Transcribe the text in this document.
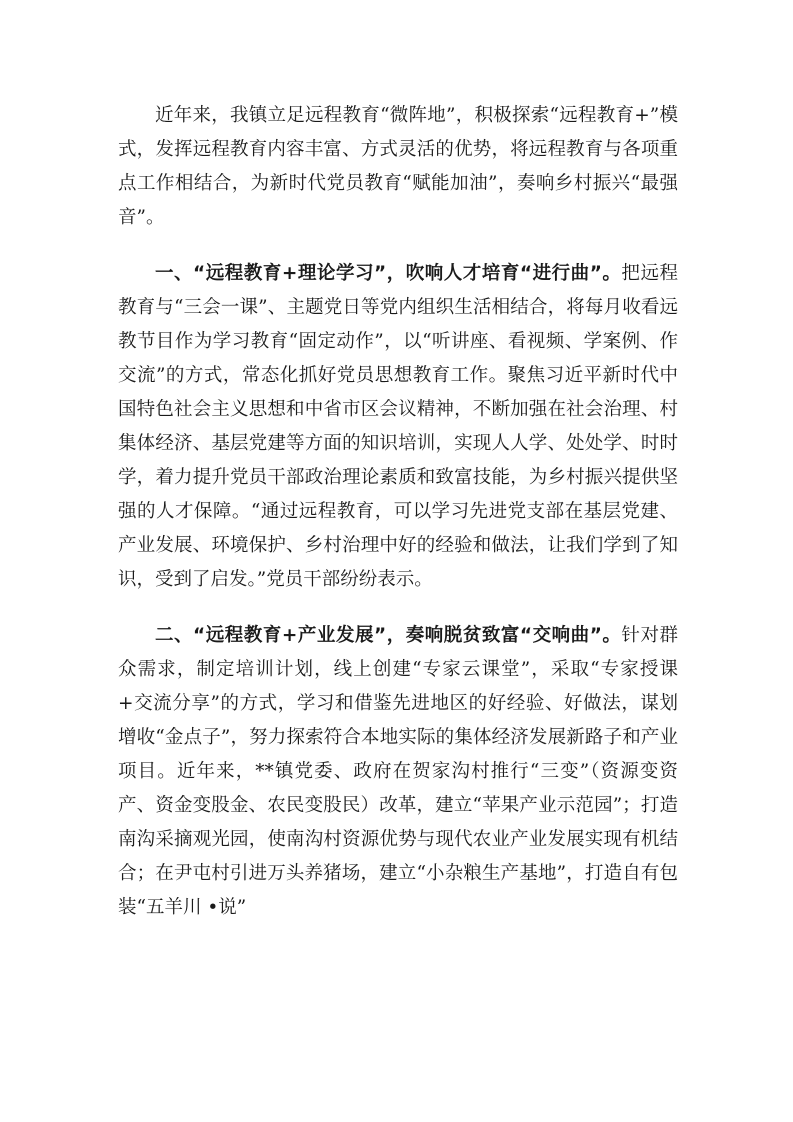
近年来，我镇立足远程教育“微阵地”，积极探索“远程教育+”模式，发挥远程教育内容丰富、方式灵活的优势，将远程教育与各项重点工作相结合，为新时代党员教育“赋能加油”，奏响乡村振兴“最强音”。

一、“远程教育+理论学习”，吹响人才培育“进行曲”。把远程教育与“三会一课”、主题党日等党内组织生活相结合，将每月收看远教节目作为学习教育“固定动作”，以“听讲座、看视频、学案例、作交流”的方式，常态化抓好党员思想教育工作。聚焦习近平新时代中国特色社会主义思想和中省市区会议精神，不断加强在社会治理、村集体经济、基层党建等方面的知识培训，实现人人学、处处学、时时学，着力提升党员干部政治理论素质和致富技能，为乡村振兴提供坚强的人才保障。“通过远程教育，可以学习先进党支部在基层党建、产业发展、环境保护、乡村治理中好的经验和做法，让我们学到了知识，受到了启发。”党员干部纷纷表示。

二、“远程教育+产业发展”，奏响脱贫致富“交响曲”。针对群众需求，制定培训计划，线上创建“专家云课堂”，采取“专家授课+交流分享”的方式，学习和借鉴先进地区的好经验、好做法，谋划增收“金点子”，努力探索符合本地实际的集体经济发展新路子和产业项目。近年来，**镇党委、政府在贺家沟村推行“三变”（资源变资产、资金变股金、农民变股民）改革，建立“苹果产业示范园”；打造南沟采摘观光园，使南沟村资源优势与现代农业产业发展实现有机结合；在尹屯村引进万头养猪场，建立“小杂粮生产基地”，打造自有包装“五羊川 •说”
